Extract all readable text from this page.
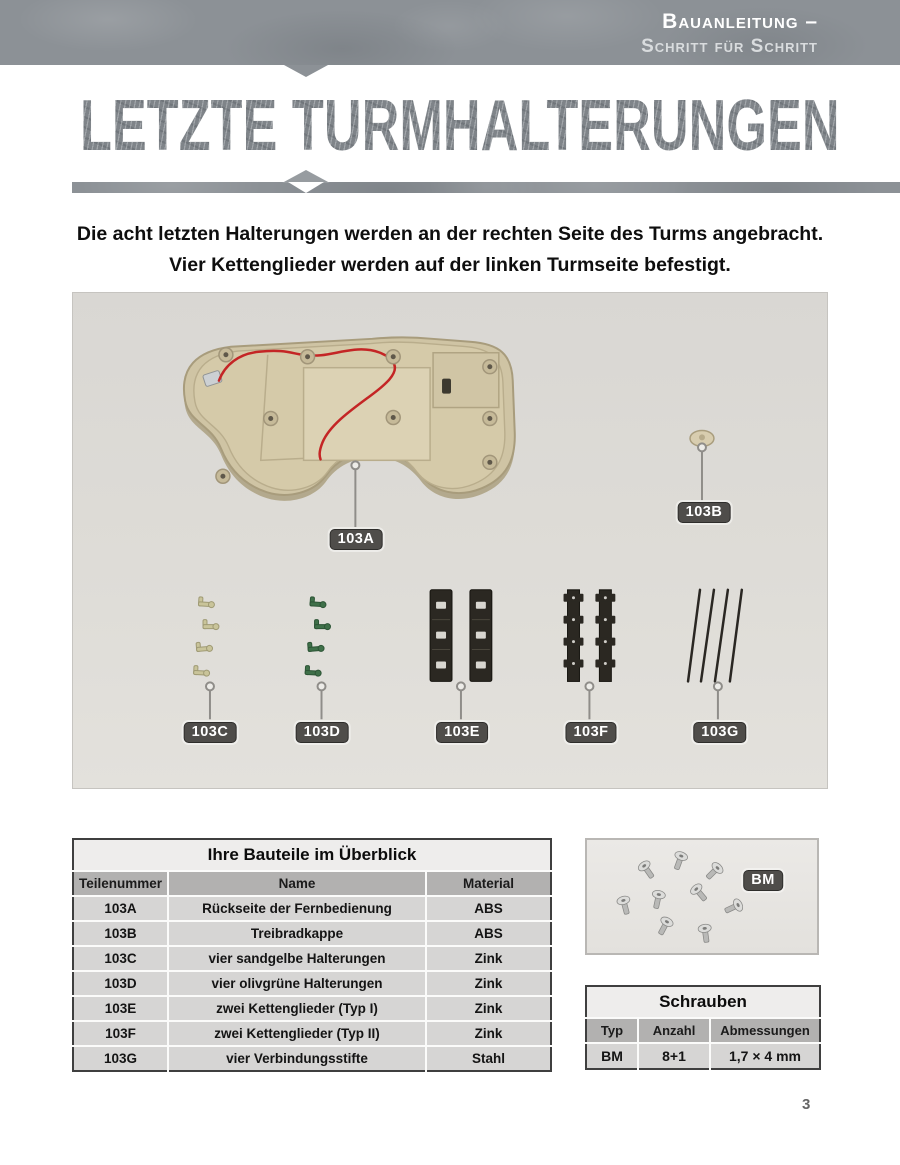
Bauanleitung –
Schritt für Schritt
LETZTE TURMHALTERUNGEN

Die acht letzten Halterungen werden an der rechten Seite des Turms angebracht.
Vier Kettenglieder werden auf der linken Turmseite befestigt.

103A
103B
103C	103D	103E	103F	103G
Ihre Bauteile im Überblick		
Teilenummer	Name	Material
103A	Rückseite der Fernbedienung	ABS
103B	Treibradkappe	ABS
103C	vier sandgelbe Halterungen	Zink
103D	vier olivgrüne Halterungen	Zink
103E	zwei Kettenglieder (Typ I)	Zink
103F	zwei Kettenglieder (Typ II)	Zink
103G	vier Verbindungsstifte	Stahl
BM
Schrauben		
Typ	Anzahl	Abmessungen
BM	8+1	1,7 × 4 mm
3
